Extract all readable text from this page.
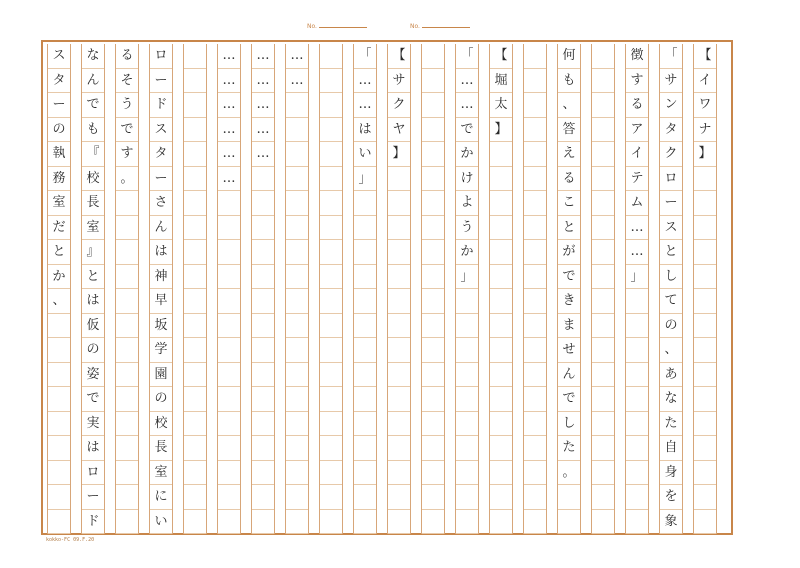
No.	No.
【
イ
ワ
ナ
】
「
サ
ン
タ
ク
ロ
ー
ス
と
し
て
の
、
あ
な
た
自
身
を
象
徴
す
る
ア
イ
テ
ム
…
…
」
何
も
、
答
え
る
こ
と
が
で
き
ま
せ
ん
で
し
た
。
【
堀
太
】
「
…
…
で
か
け
よ
う
か
」
【
サ
ク
ヤ
】
「
…
…
は
い
」
…
…
…
…
…
…
…
…
…
…
…
…
…
ロ
ー
ド
ス
タ
ー
さ
ん
は
神
早
坂
学
園
の
校
長
室
に
い
る
そ
う
で
す
。
な
ん
で
も
『
校
長
室
』
と
は
仮
の
姿
で
実
は
ロ
ー
ド
ス
タ
ー
の
執
務
室
だ
と
か
、
kokko-FC 09.F.20
